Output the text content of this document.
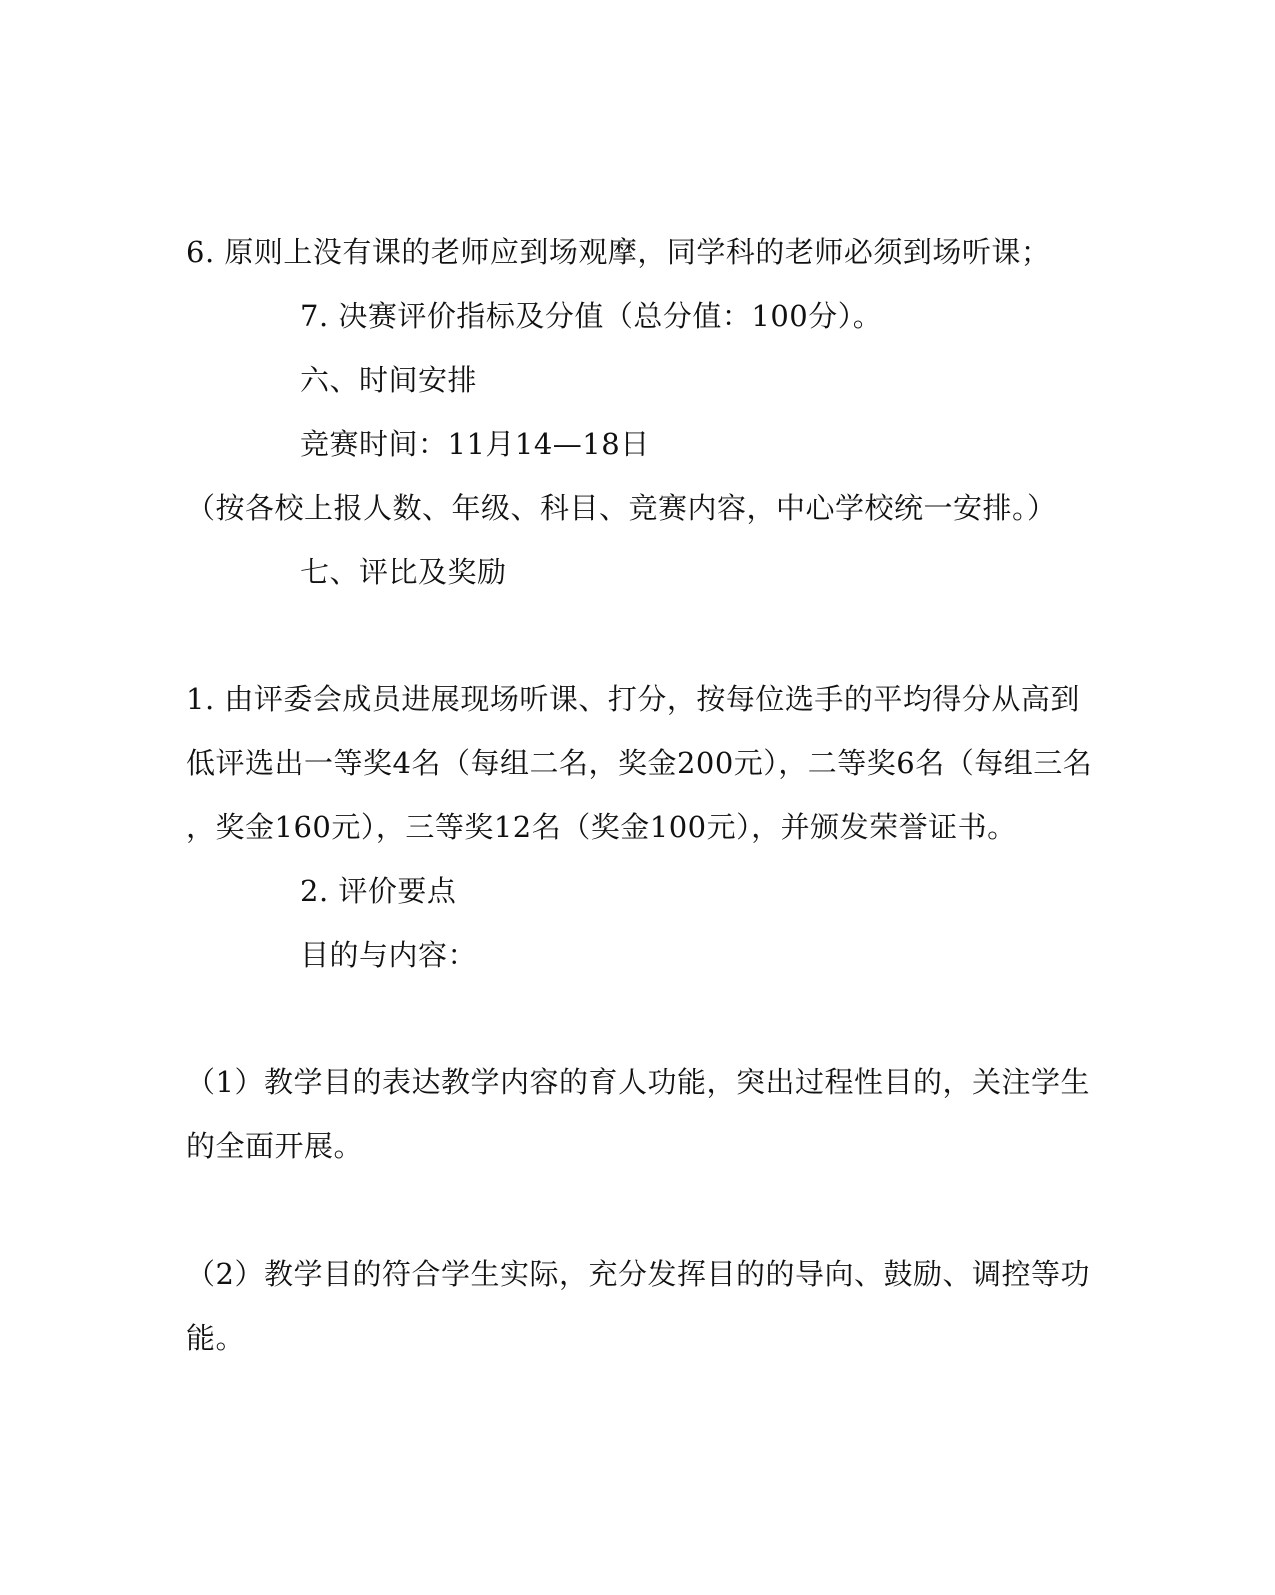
6. 原则上没有课的老师应到场观摩，同学科的老师必须到场听课；
7. 决赛评价指标及分值（总分值：100分）。
六、时间安排
竞赛时间：11月14—18日
（按各校上报人数、年级、科目、竞赛内容，中心学校统一安排。）
七、评比及奖励
1. 由评委会成员进展现场听课、打分，按每位选手的平均得分从高到
低评选出一等奖4名（每组二名，奖金200元），二等奖6名（每组三名
，奖金160元），三等奖12名（奖金100元），并颁发荣誉证书。
2. 评价要点
目的与内容：
（1）教学目的表达教学内容的育人功能，突出过程性目的，关注学生
的全面开展。
（2）教学目的符合学生实际，充分发挥目的的导向、鼓励、调控等功
能。
